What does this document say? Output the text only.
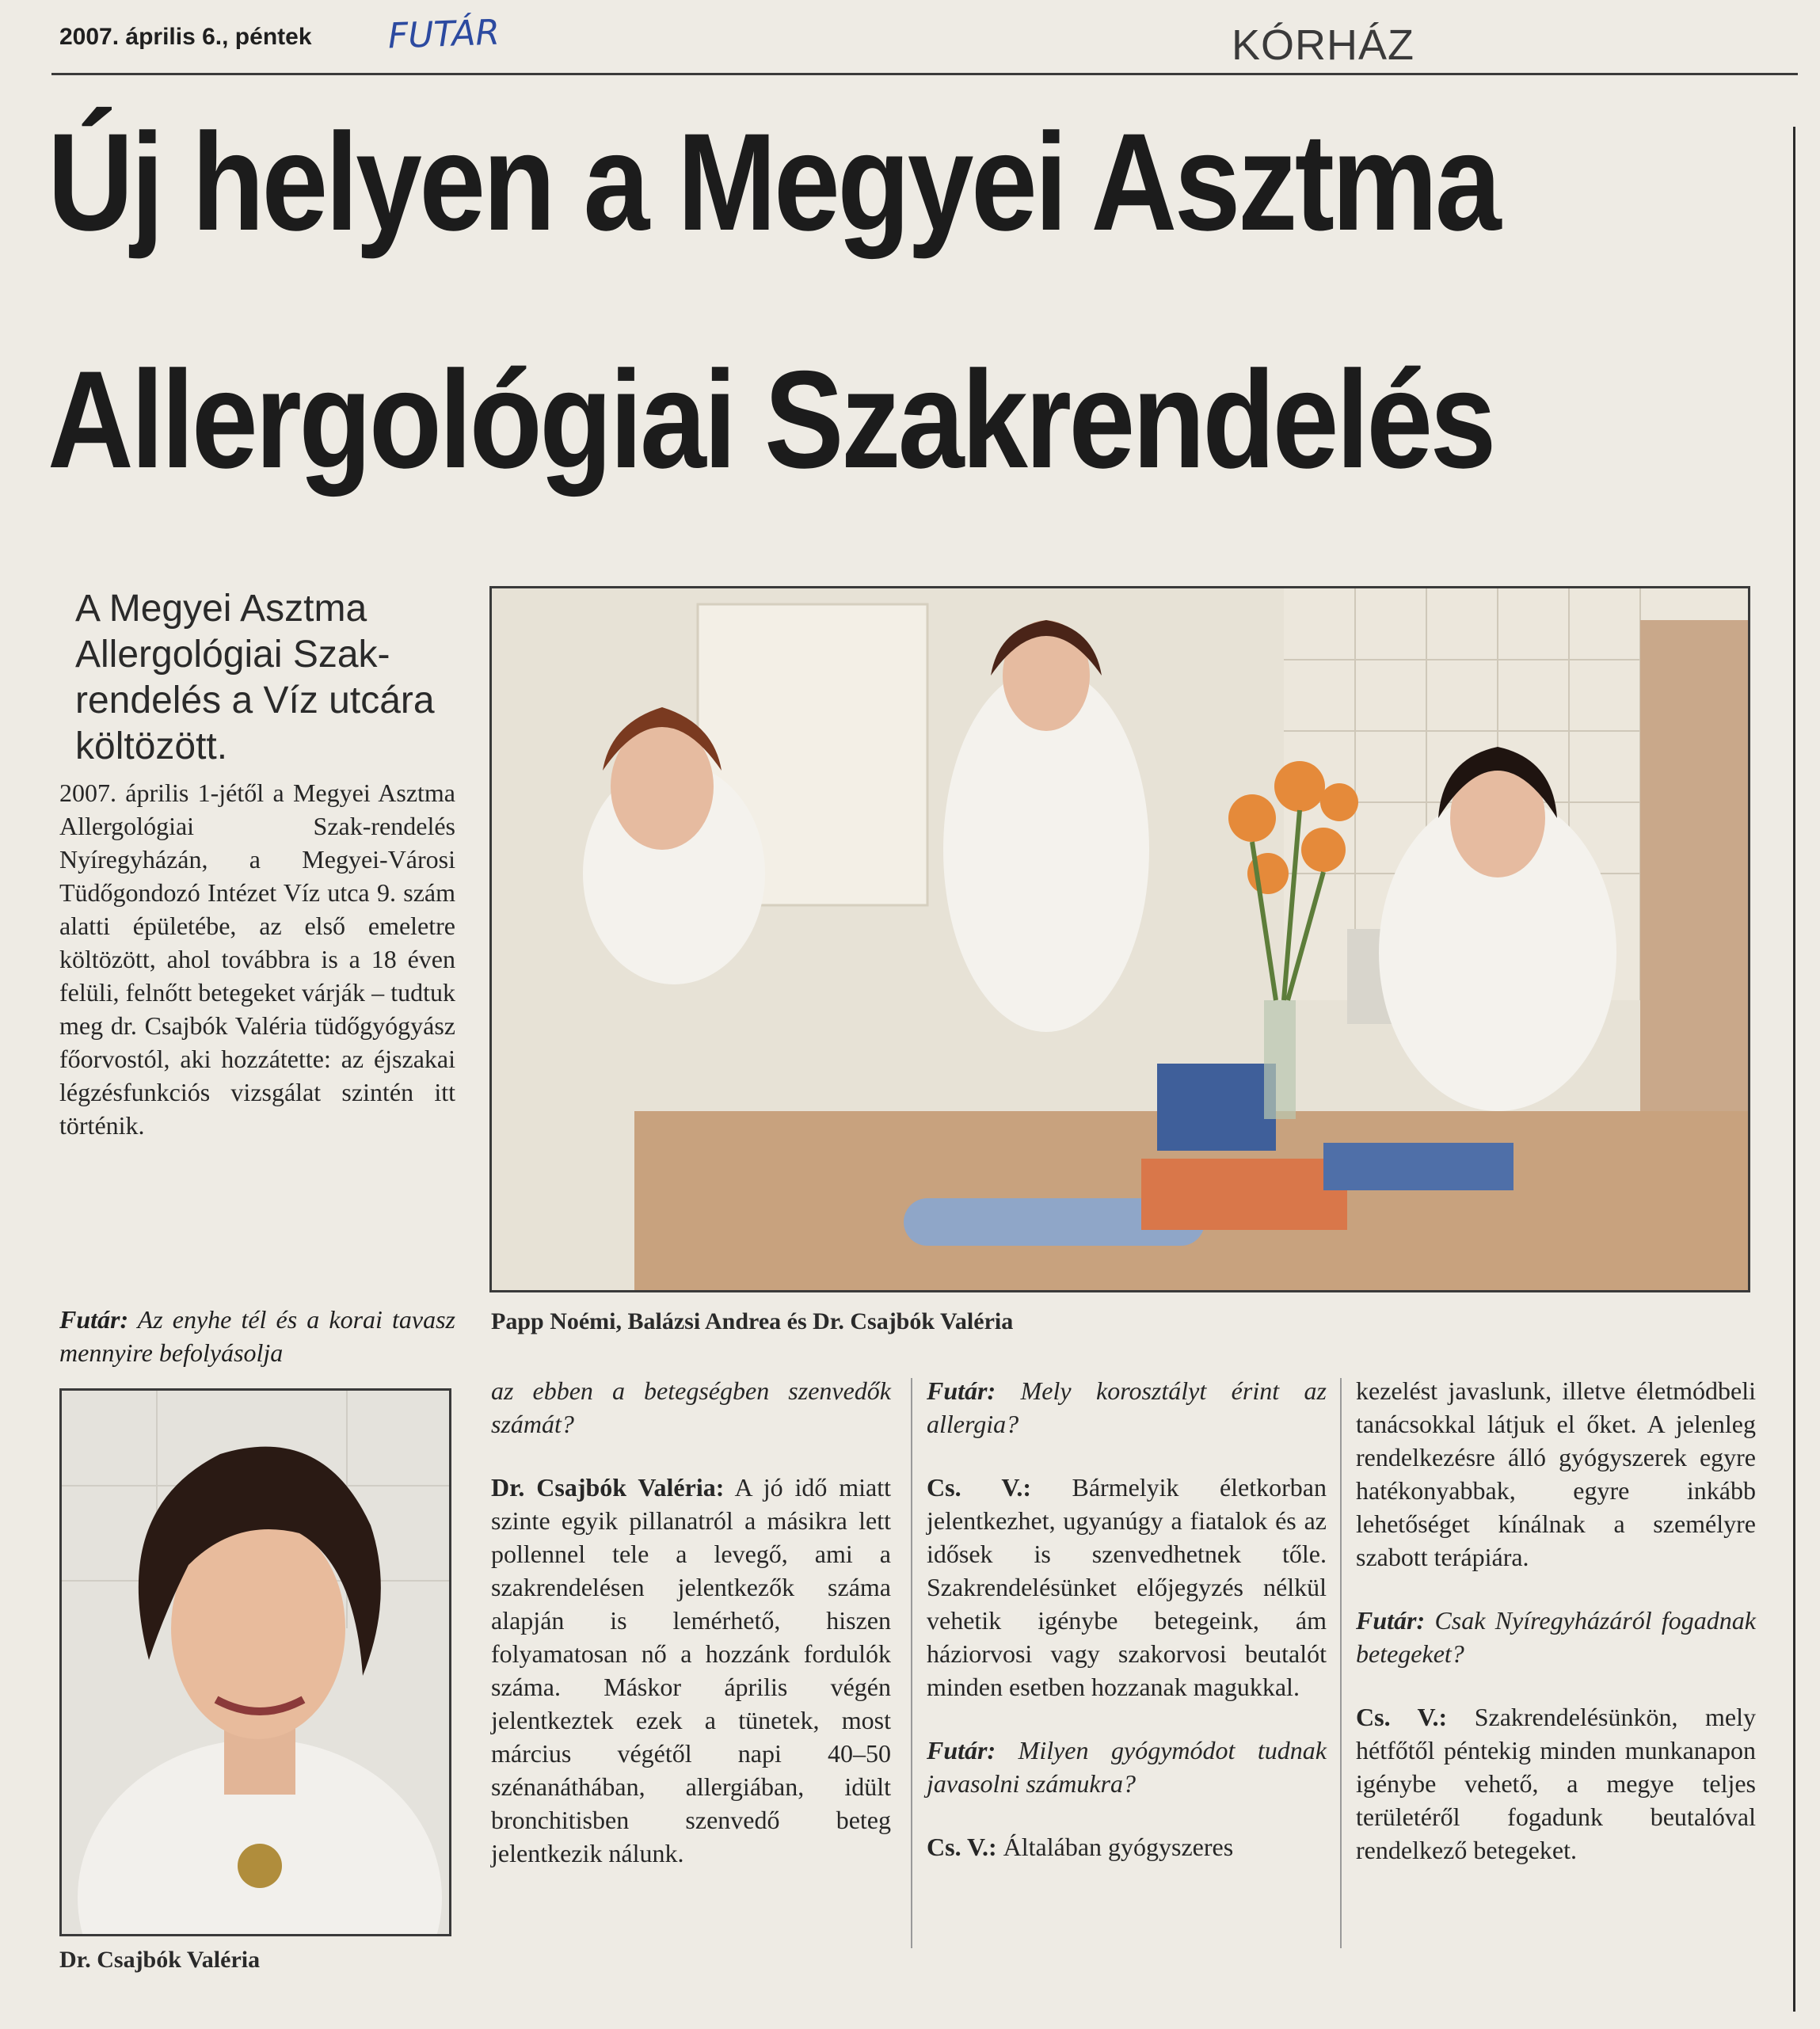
2007. április 6., péntek FUTÁR	KÓRHÁZ
Új helyen a Megyei Asztma
Allergológiai Szakrendelés
A Megyei Asztma Allergológiai Szak-rendelés a Víz utcára költözött.
2007. április 1-jétől a Megyei Asztma Allergológiai Szak-rendelés Nyíregyházán, a Megyei-Városi Tüdőgondozó Intézet Víz utca 9. szám alatti épületébe, az első emeletre költözött, ahol továbbra is a 18 éven felüli, felnőtt betegeket várják – tudtuk meg dr. Csajbók Valéria tüdőgyógyász főorvostól, aki hozzátette: az éjszakai légzésfunkciós vizsgálat szintén itt történik.
Futár: Az enyhe tél és a korai tavasz mennyire befolyásolja
Papp Noémi, Balázsi Andrea és Dr. Csajbók Valéria
Dr. Csajbók Valéria

az ebben a betegségben szenvedők számát?

Dr. Csajbók Valéria: A jó idő miatt szinte egyik pillanatról a másikra lett pollennel tele a levegő, ami a szakrendelésen jelentkezők száma alapján is lemérhető, hiszen folyamatosan nő a hozzánk fordulók száma. Máskor április végén jelentkeztek ezek a tünetek, most március végétől napi 40–50 szénanáthában, allergiában, idült bronchitisben szenvedő beteg jelentkezik nálunk.

Futár: Mely korosztályt érint az allergia?

Cs. V.: Bármelyik életkorban jelentkezhet, ugyanúgy a fiatalok és az idősek is szenvedhetnek tőle. Szakrendelésünket előjegyzés nélkül vehetik igénybe betegeink, ám háziorvosi vagy szakorvosi beutalót minden esetben hozzanak magukkal.

Futár: Milyen gyógymódot tudnak javasolni számukra?

Cs. V.: Általában gyógyszeres

kezelést javaslunk, illetve életmódbeli tanácsokkal látjuk el őket. A jelenleg rendelkezésre álló gyógyszerek egyre hatékonyabbak, egyre inkább lehetőséget kínálnak a személyre szabott terápiára.

Futár: Csak Nyíregyházáról fogadnak betegeket?

Cs. V.: Szakrendelésünkön, mely hétfőtől péntekig minden munkanapon igénybe vehető, a megye teljes területéről fogadunk beutalóval rendelkező betegeket.
